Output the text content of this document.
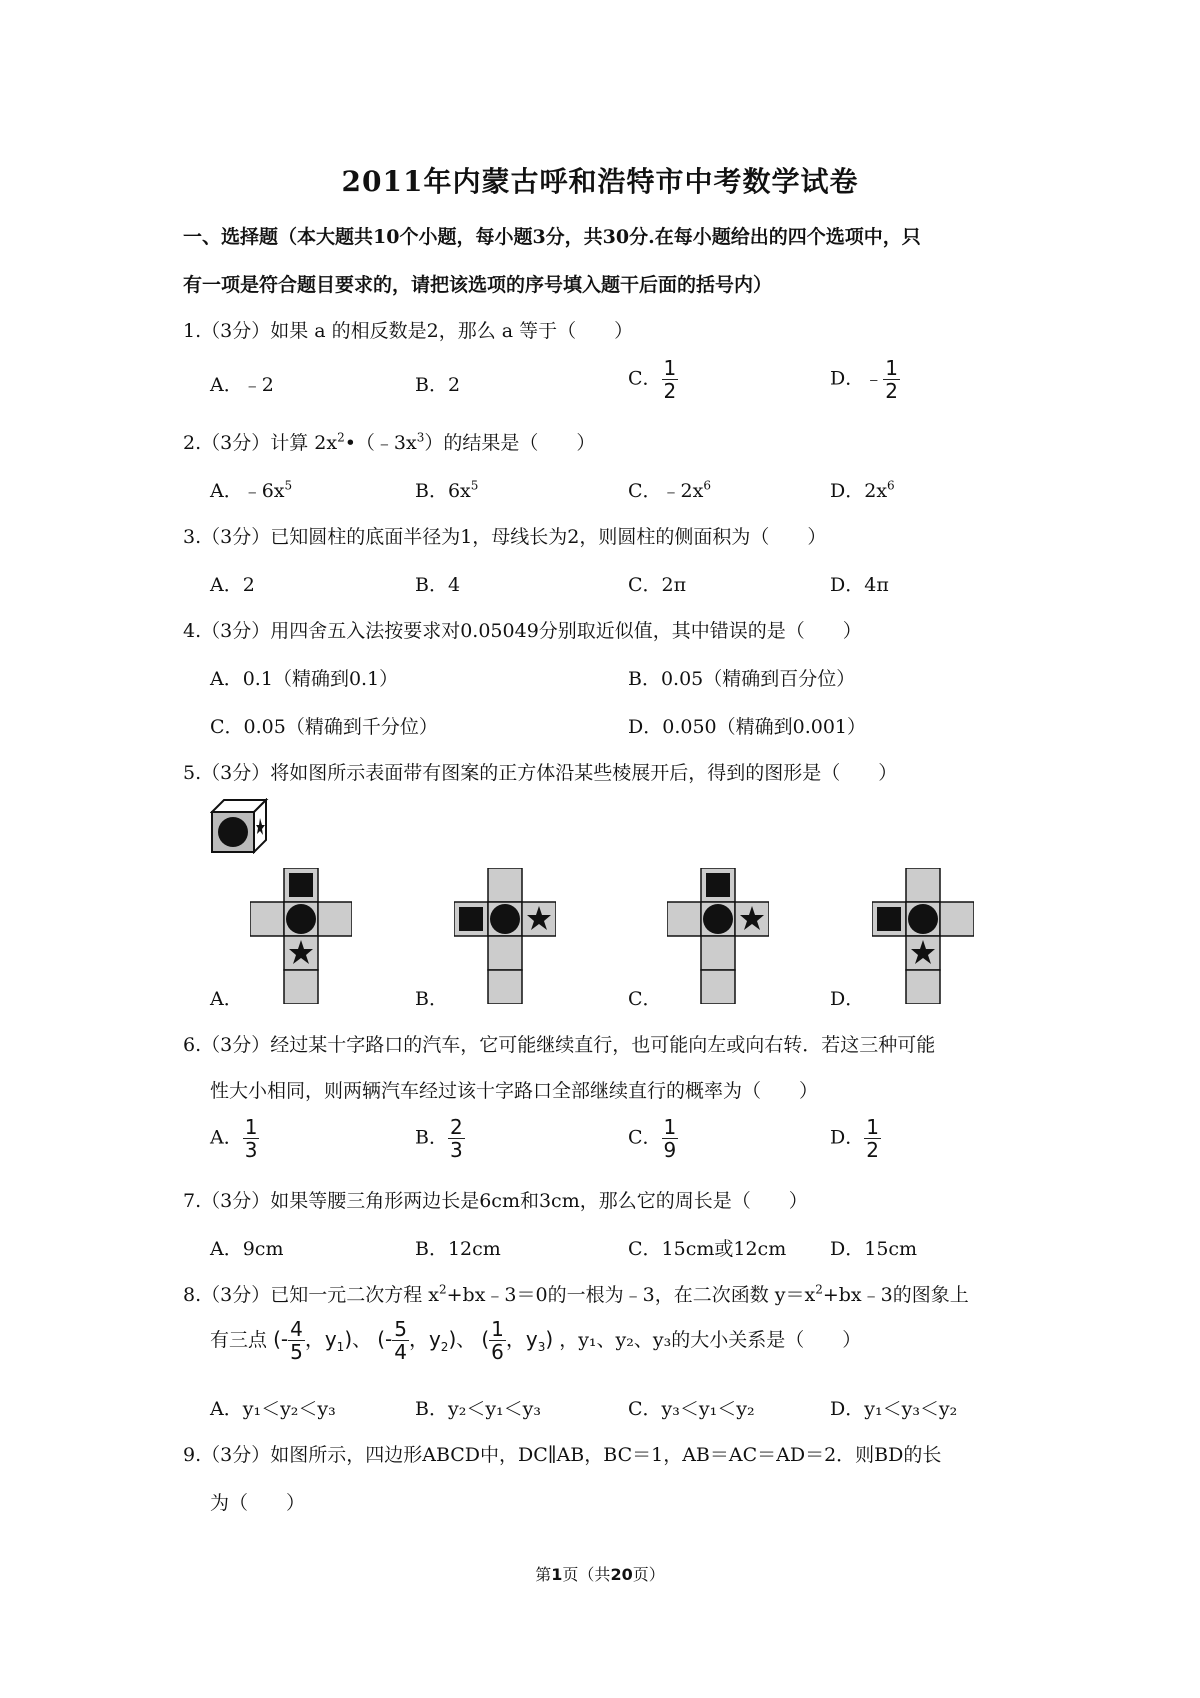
2011年内蒙古呼和浩特市中考数学试卷
一、选择题（本大题共10个小题，每小题3分，共30分.在每小题给出的四个选项中，只
有一项是符合题目要求的，请把该选项的序号填入题干后面的括号内）
1.（3分）如果 a 的相反数是2，那么 a 等于（　　）
A．﹣2	B．2	C． $\frac{1}{2}$	D．﹣ $\frac{1}{2}$
2.（3分）计算 $2x^2•(﹣3x^3)$的结果是（　　）
A．$﹣6x^5$	B．$6x^5$	C．$﹣2x^6$	D．$2x^6$
3.（3分）已知圆柱的底面半径为1，母线长为2，则圆柱的侧面积为（　　）
A．2	B．4	C．2π	D．4π
4.（3分）用四舍五入法按要求对0.05049分别取近似值，其中错误的是（　　）
A．0.1（精确到0.1）	B．0.05（精确到百分位）
C．0.05（精确到千分位）	D．0.050（精确到0.001）
5.（3分）将如图所示表面带有图案的正方体沿某些棱展开后，得到的图形是（　　）
A．	B．	C．	D．
6.（3分）经过某十字路口的汽车，它可能继续直行，也可能向左或向右转．若这三种可能
性大小相同，则两辆汽车经过该十字路口全部继续直行的概率为（　　）
A． $\frac{1}{3}$	B． $\frac{2}{3}$	C． $\frac{1}{9}$	D． $\frac{1}{2}$
7.（3分）如果等腰三角形两边长是6cm和3cm，那么它的周长是（　　）
A．9cm	B．12cm	C．15cm或12cm D．15cm
8.（3分）已知一元二次方程 $x^2+bx﹣3=0$的一根为﹣3，在二次函数 $y=x^2+bx﹣3$的图象上
有三点 (- $\frac{4}{5}$ ，$y_1$)、 (- $\frac{5}{4}$ ，$y_2$)、 ( $\frac{1}{6}$ ，$y_3$) ，y₁、y₂、y₃的大小关系是（　　）
A．y₁＜y₂＜y₃	B．y₂＜y₁＜y₃	C．y₃＜y₁＜y₂	D．y₁＜y₃＜y₂
9.（3分）如图所示，四边形ABCD中，DC∥AB，BC＝1，AB＝AC＝AD＝2．则BD的长
为（　　）
第1页（共20页）
